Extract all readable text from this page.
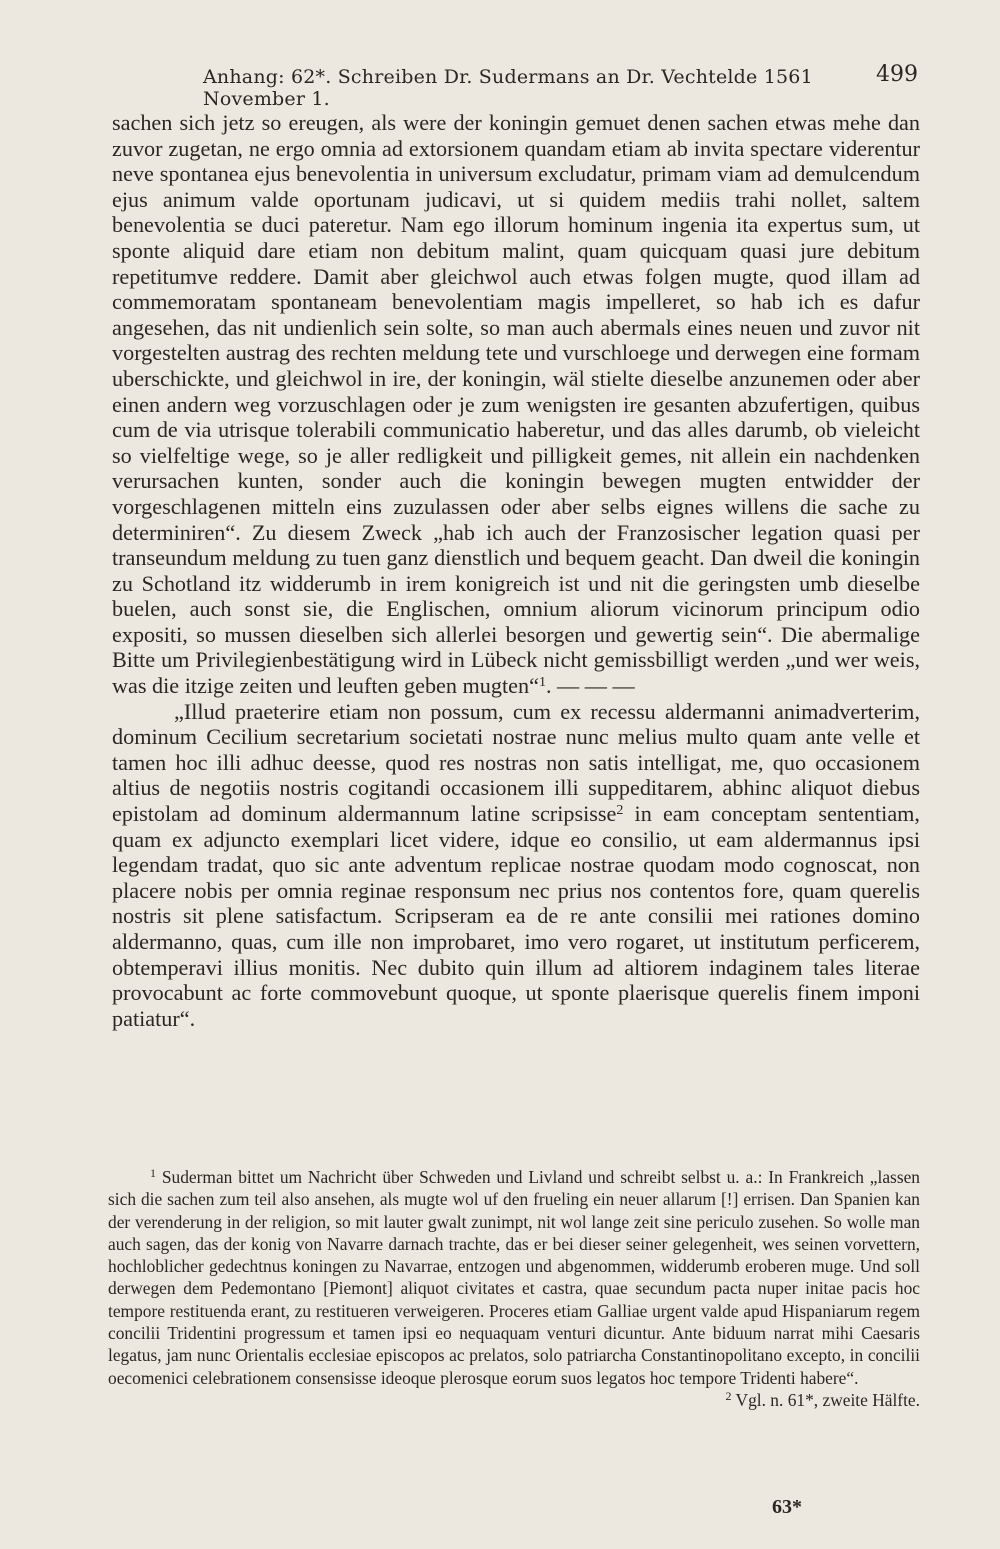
Anhang: 62*. Schreiben Dr. Sudermans an Dr. Vechtelde 1561 November 1.
499

sachen sich jetz so ereugen, als were der koningin gemuet denen sachen etwas mehe dan zuvor zugetan, ne ergo omnia ad extorsionem quandam etiam ab invita spectare viderentur neve spontanea ejus benevolentia in universum excludatur, primam viam ad demulcendum ejus animum valde oportunam judicavi, ut si quidem mediis trahi nollet, saltem benevolentia se duci pateretur. Nam ego illorum hominum ingenia ita expertus sum, ut sponte aliquid dare etiam non debitum malint, quam quicquam quasi jure debitum repetitumve reddere. Damit aber gleichwol auch etwas folgen mugte, quod illam ad commemoratam spontaneam benevolentiam magis impelleret, so hab ich es dafur angesehen, das nit undienlich sein solte, so man auch abermals eines neuen und zuvor nit vorgestelten austrag des rechten meldung tete und vurschloege und derwegen eine formam uberschickte, und gleichwol in ire, der koningin, wäl stielte dieselbe anzunemen oder aber einen andern weg vorzuschlagen oder je zum wenigsten ire gesanten abzufertigen, quibus cum de via utrisque tolerabili communicatio haberetur, und das alles darumb, ob vieleicht so vielfeltige wege, so je aller redligkeit und pilligkeit gemes, nit allein ein nachdenken verursachen kunten, sonder auch die koningin bewegen mugten entwidder der vorgeschlagenen mitteln eins zuzulassen oder aber selbs eignes willens die sache zu determiniren“. Zu diesem Zweck „hab ich auch der Franzosischer legation quasi per transeundum meldung zu tuen ganz dienstlich und bequem geacht. Dan dweil die koningin zu Schotland itz widderumb in irem konigreich ist und nit die geringsten umb dieselbe buelen, auch sonst sie, die Englischen, omnium aliorum vicinorum principum odio expositi, so mussen dieselben sich allerlei besorgen und gewertig sein“. Die abermalige Bitte um Privilegienbestätigung wird in Lübeck nicht gemissbilligt werden „und wer weis, was die itzige zeiten und leuften geben mugten“$^1$. — — —

„Illud praeterire etiam non possum, cum ex recessu aldermanni animadverterim, dominum Cecilium secretarium societati nostrae nunc melius multo quam ante velle et tamen hoc illi adhuc deesse, quod res nostras non satis intelligat, me, quo occasionem altius de negotiis nostris cogitandi occasionem illi suppeditarem, abhinc aliquot diebus epistolam ad dominum aldermannum latine scripsisse$^2$ in eam conceptam sententiam, quam ex adjuncto exemplari licet videre, idque eo consilio, ut eam aldermannus ipsi legendam tradat, quo sic ante adventum replicae nostrae quodam modo cognoscat, non placere nobis per omnia reginae responsum nec prius nos contentos fore, quam querelis nostris sit plene satisfactum. Scripseram ea de re ante consilii mei rationes domino aldermanno, quas, cum ille non improbaret, imo vero rogaret, ut institutum perficerem, obtemperavi illius monitis. Nec dubito quin illum ad altiorem indaginem tales literae provocabunt ac forte commovebunt quoque, ut sponte plaerisque querelis finem imponi patiatur“.

$^1$ Suderman bittet um Nachricht über Schweden und Livland und schreibt selbst u. a.: In Frankreich „lassen sich die sachen zum teil also ansehen, als mugte wol uf den frueling ein neuer allarum [!] errisen. Dan Spanien kan der verenderung in der religion, so mit lauter gwalt zunimpt, nit wol lange zeit sine periculo zusehen. So wolle man auch sagen, das der konig von Navarre darnach trachte, das er bei dieser seiner gelegenheit, wes seinen vorvettern, hochloblicher gedechtnus koningen zu Navarrae, entzogen und abgenommen, widderumb eroberen muge. Und soll derwegen dem Pedemontano [Piemont] aliquot civitates et castra, quae secundum pacta nuper initae pacis hoc tempore restituenda erant, zu restitueren verweigeren. Proceres etiam Galliae urgent valde apud Hispaniarum regem concilii Tridentini progressum et tamen ipsi eo nequaquam venturi dicuntur. Ante biduum narrat mihi Caesaris legatus, jam nunc Orientalis ecclesiae episcopos ac prelatos, solo patriarcha Constantinopolitano excepto, in concilii oecomenici celebrationem consensisse ideoque plerosque eorum suos legatos hoc tempore Tridenti habere“.
$^2$ Vgl. n. 61*, zweite Hälfte.

63*
